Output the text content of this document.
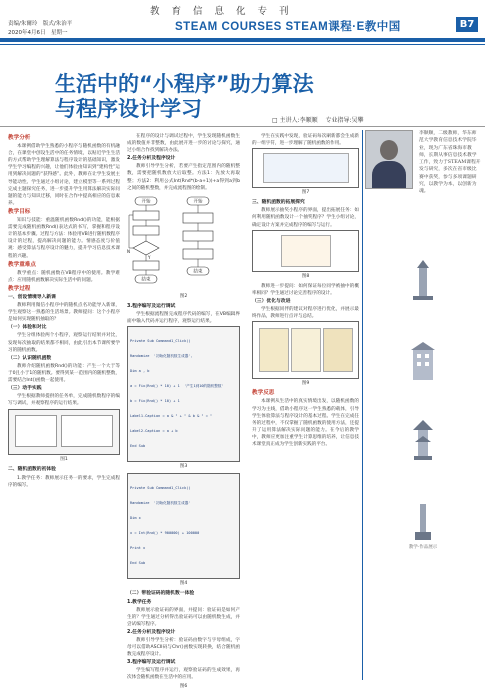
教育信息化专刊
责编/朱爾玲　版式/朱治平
2020年4月6日　星期一	STEAM COURSES STEAM课程·E教中国	B7
生活中的“小程序”助力算法
与程序设计学习	□ 主讲人:李顺顺 专业指导:吴攀
教学分析

本课例借助学生熟悉的小程序与随机函数的有机融合，在课堂中创设生活中的任务情境，以贴近学生生活的方式帮助学生理解算法与程序设计的基础知识，激发学生学习编程的兴趣，让他们体验由知识到“建构性”运用到解决问题的“获得感”。此外，教师在让学生发展主导能动性、学生通过小组讨论，建立模型等一系列过程完成主题探究任务，进一步提升学生用算法解决实际问题的能力与知识迁移，同时在合作中提高相应的信息素养。

教学目标

知识与技能：重温随机函数Rnd()的功能，能根据需要完成随机函数Rnd()表达式的书写，掌握和程序设计的基本步骤。过程与方法：体验用VB进行随机数程序设计的过程，提高解决问题的能力。情感态度与价值观：感受算法与程序设计的魅力，提升学习信息技术课程的兴趣。

教学重难点

教学重点：随机函数在VB程序中的使用。教学难点：应用随机函数解决实际生活中的问题。

教学过程
一、创设情境导入新课

教师利用微信小程序中的随机点名功能导入新课，学生观察这一熟悉的生活场景。教师提问：这个小程序是如何实现随机抽取的？

（一）体验和对比

学生分组体验两个小程序，观察运行结果并对比，发现每次抽取的结果都不相同，由此引出本节课所要学习的随机函数。

（二）认识随机函数

教师介绍随机函数Rnd()的功能：产生一个大于等于0且小于1的随机数。要得到某一范围内的随机整数，需要结合Int()函数一起使用。

（三）动手实践

学生根据教师提供的任务单，完成随机数程序的编写与调试，并观察程序的运行结果。

图1
二、随机函数的初体验

1.教学任务：教师展示任务一的要求，学生完成程序的编写。

在程序的设计与调试过程中，学生发现随机函数生成的数值并非整数，由此展开进一步的讨论与探究，通过小组合作找到解决办法。

2.任务分析及程序设计

教师引导学生分析，若要产生指定范围内的随机整数，需要把随机数放大后取整。方法1：先放大再取整；方法2：利用公式Int(Rnd*(b-a+1))+a得到a到b之间的随机整数，并完成流程图的绘制。

开始
Y
N
结束
开始
结束
图2
3.程序编写及运行调试

学生根据流程图完成程序代码的编写，在VB编辑界面中输入代码并运行程序，观察运行结果。

Private Sub Command1_Click()

Randomize  '初始化随机数生成器',

Dim a , b

a = Fix(Rnd() * 10) + 1  '产生1到10的随机整数'

b = Fix(Rnd() * 10) + 1

Label1.Caption = a & " + " & b & " = "

Label2.Caption = a + b

End Sub

图3

Private Sub Command1_Click()

Randomize  '初始化随机数生成器'

Dim x

x = Int(Rnd() * 900000) + 100000

Print x

End Sub

图4
（二）带验证码的随机数一体验
1.教学任务

教师展示验证码的界面，并提问：验证码是如何产生的？学生通过分析得出验证码可以由随机数生成，并尝试编写程序。

2.任务分析及程序设计

教师引导学生分析：验证码由数字与字母组成，字母可以借助ASCII码与Chr()函数实现转换，结合随机函数完成程序设计。

3.程序编写及运行调试

学生编写程序并运行，观察验证码的生成效果，再次体会随机函数在生活中的应用。

图6

学生在实践中发现，验证码每次刷新都会生成新的一组字符，进一步理解了随机函数的作用。

图7
三、随机函数的拓展探究

教师展示抽奖小程序的界面，提出拓展任务：如何利用随机函数设计一个抽奖程序？学生小组讨论，确定设计方案并完成程序的编写与运行。

图8

教师进一步提问：如何保证每位同学被抽中的概率相同？学生通过讨论完善程序的设计。

（三）优化与改进

学生根据同伴的建议对程序进行优化，并展示最终作品，教师进行点评与总结。

图9
教学反思

本课例从生活中的真实情境出发，以随机函数的学习为主线，借助小程序这一学生熟悉的载体，引导学生体验算法与程序设计的基本过程。学生在完成任务的过程中，不仅掌握了随机函数的使用方法，还提升了运用算法解决实际问题的能力。在今后的教学中，教师应更加注重学生计算思维的培养，让信息技术课堂真正成为学生创新实践的平台。

李顺顺，二级教师，华东师范大学教育信息技术学院毕业，现为广东省珠海市教师，长期从事信息技术教学工作，致力于STEAM课程开发与研究，多次在省市级比赛中获奖，参与多项课题研究，以教学为本，以创新为魂。
教学·作品展示
